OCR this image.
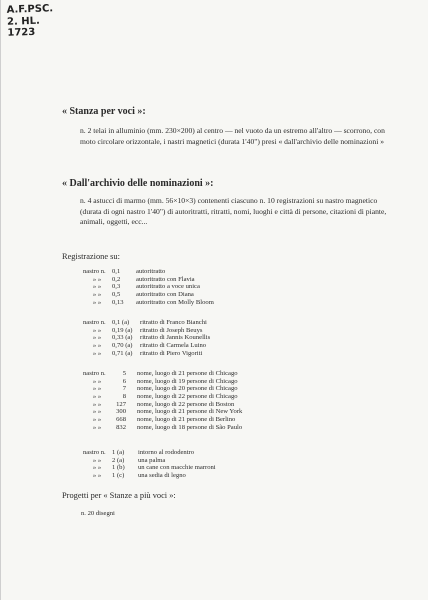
A.F.PSC.
2. HL.
1723
« Stanza per voci »:
n. 2 telai in alluminio (mm. 230×200) al centro — nel vuoto da un estremo all'altro — scorrono, con moto circolare orizzontale, i nastri magnetici (durata 1'40") presi « dall'archivio delle nominazioni »
« Dall'archivio delle nominazioni »:
n. 4 astucci di marmo (mm. 56×10×3) contenenti ciascuno n. 10 registrazioni su nastro magnetico (durata di ogni nastro 1'40") di autoritratti, ritratti, nomi, luoghi e città di persone, citazioni di piante, animali, oggetti, ecc...
Registrazione su:
nastro n. 0,1 autoritratto
» »	0,2 autoritratto con Flavia
» »	0,3 autoritratto a voce unica
» »	0,5 autoritratto con Diana
» »	0,13 autoritratto con Molly Bloom
nastro n. 0,1 (a) ritratto di Franco Bianchi
» »	0,19 (a) ritratto di Joseph Beuys
» »	0,33 (a) ritratto di Jannis Kounellis
» »	0,70 (a) ritratto di Carmela Luino
» »	0,71 (a) ritratto di Piero Vigoriti
nastro n.	5 nome, luogo di 21 persone di Chicago
» »	6 nome, luogo di 19 persone di Chicago
» »	7 nome, luogo di 20 persone di Chicago
» »	8 nome, luogo di 22 persone di Chicago
» »	127 nome, luogo di 22 persone di Boston
» »	300 nome, luogo di 21 persone di New York
» »	668 nome, luogo di 21 persone di Berlino
» »	832 nome, luogo di 18 persone di São Paulo
nastro n. 1 (a) intorno al rododentro
» »	2 (a) una palma
» »	1 (b) un cane con macchie marroni
» »	1 (c) una sedia di legno
Progetti per « Stanze a più voci »:
n. 20 disegni
